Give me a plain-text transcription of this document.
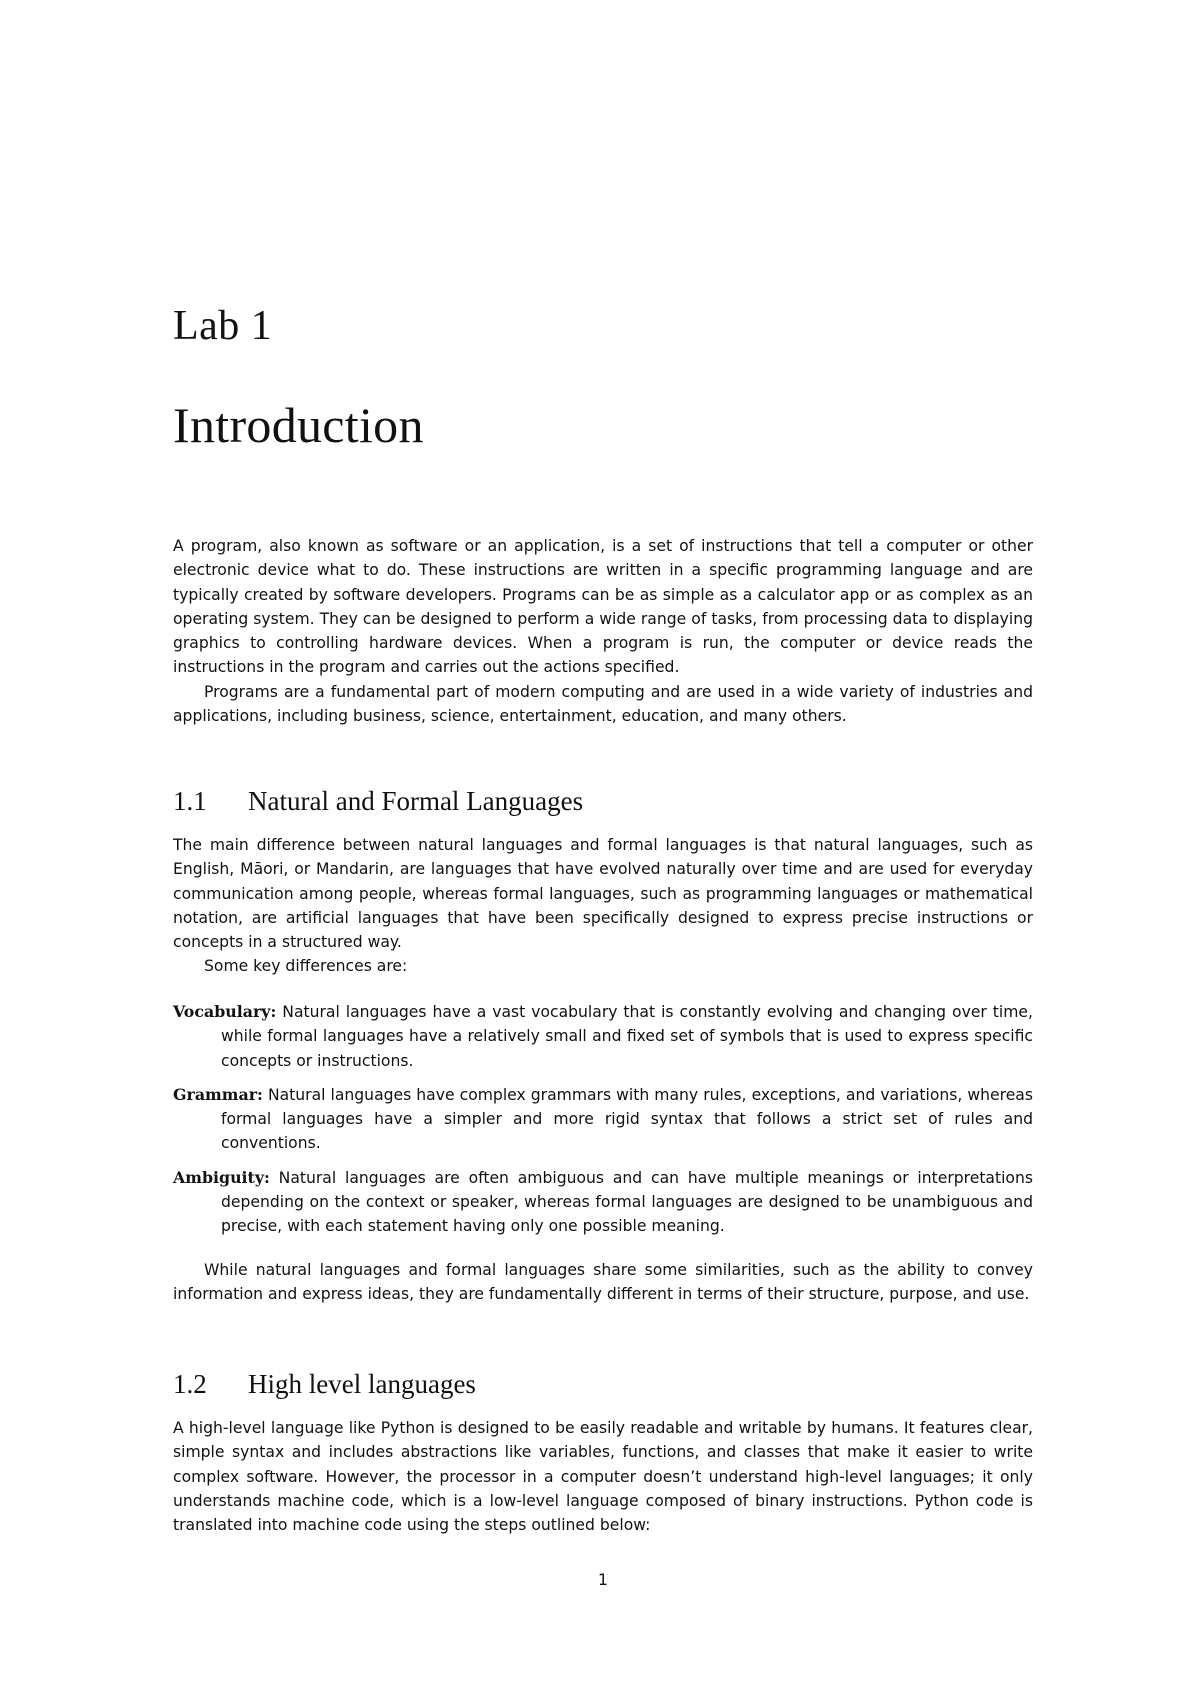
Lab 1
Introduction

A program, also known as software or an application, is a set of instructions that tell a computer or other electronic device what to do. These instructions are written in a specific programming language and are typically created by software developers. Programs can be as simple as a calculator app or as complex as an operating system. They can be designed to perform a wide range of tasks, from processing data to displaying graphics to controlling hardware devices. When a program is run, the computer or device reads the instructions in the program and carries out the actions specified.

Programs are a fundamental part of modern computing and are used in a wide variety of industries and applications, including business, science, entertainment, education, and many others.

1.1 Natural and Formal Languages

The main difference between natural languages and formal languages is that natural languages, such as English, Māori, or Mandarin, are languages that have evolved naturally over time and are used for everyday communication among people, whereas formal languages, such as programming languages or mathematical notation, are artificial languages that have been specifically designed to express precise instructions or concepts in a structured way.

Some key differences are:

Vocabulary: Natural languages have a vast vocabulary that is constantly evolving and changing over time, while formal languages have a relatively small and fixed set of symbols that is used to express specific concepts or instructions.
Grammar: Natural languages have complex grammars with many rules, exceptions, and variations, whereas formal languages have a simpler and more rigid syntax that follows a strict set of rules and conventions.
Ambiguity: Natural languages are often ambiguous and can have multiple meanings or interpretations depending on the context or speaker, whereas formal languages are designed to be unambiguous and precise, with each statement having only one possible meaning.

While natural languages and formal languages share some similarities, such as the ability to convey information and express ideas, they are fundamentally different in terms of their structure, purpose, and use.

1.2 High level languages

A high-level language like Python is designed to be easily readable and writable by humans. It features clear, simple syntax and includes abstractions like variables, functions, and classes that make it easier to write complex software. However, the processor in a computer doesn’t understand high-level languages; it only understands machine code, which is a low-level language composed of binary instructions. Python code is translated into machine code using the steps outlined below:

1
